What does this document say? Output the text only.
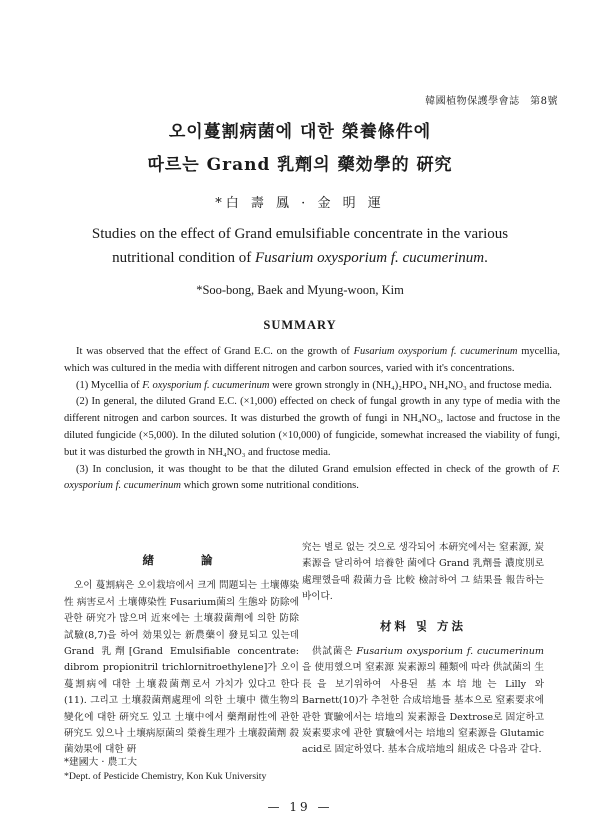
韓國植物保護學會誌　第8號
오이蔓割病菌에 대한 榮養條件에
따르는 Grand 乳劑의 藥効學的 硏究
*白 壽 鳳 · 金 明 運
Studies on the effect of Grand emulsifiable concentrate in the various
nutritional condition of Fusarium oxysporium f. cucumerinum.
*Soo-bong, Baek and Myung-woon, Kim
SUMMARY

It was observed that the effect of Grand E.C. on the growth of Fusarium oxysporium f. cucumerinum mycellia, which was cultured in the media with different nitrogen and carbon sources, varied with it's concentrations.

(1) Mycellia of F. oxysporium f. cucumerinum were grown strongly in (NH₄)₂HPO₄ NH₄NO₃ and fructose media.

(2) In general, the diluted Grand E.C. (×1,000) effected on check of fungal growth in any type of media with the different nitrogen and carbon sources. It was disturbed the growth of fungi in NH₄NO₃, lactose and fructose in the diluted fungicide (×5,000). In the diluted solution (×10,000) of fungicide, somewhat increased the viability of fungi, but it was disturbed the growth in NH₄NO₃ and fructose media.

(3) In conclusion, it was thought to be that the diluted Grand emulsion effected in check of the growth of F. oxysporium f. cucumerinum which grown some nutritional conditions.

緖　　論

오이 蔓割病은 오이栽培에서 크게 問題되는 土壤傳染性 病害로서 土壤傳染性 Fusarium菌의 生態와 防除에 관한 硏究가 많으며 近來에는 土壤殺菌劑에 의한 防除試驗(8,7)을 하여 効果있는 新農藥이 發見되고 있는데 Grand 乳劑[Grand Emulsifiable concentrate: dibrom propionitril trichlornitroethylene]가 오이蔓割病에 대한 土壤殺菌劑로서 가치가 있다고 한다(11). 그리고 土壤殺菌劑處理에 의한 土壤中 微生物의 變化에 대한 硏究도 있고 土壤中에서 藥劑耐性에 관한 硏究도 있으나 土壤病原菌의 榮養生理가 土壤殺菌劑 殺菌効果에 대한 硏

究는 별로 없는 것으로 생각되어 本硏究에서는 窒素源, 炭素源을 달리하여 培養한 菌에다 Grand 乳劑를 濃度別로 處理했을때 殺菌力을 比較 檢討하여 그 結果를 報告하는 바이다.

材料 및 方法

供試菌은 Fusarium oxysporium f. cucumerinum을 使用했으며 窒素源 炭素源의 種類에 따라 供試菌의 生長을 보기위하여 사용된 基本培地는 Lilly 와 Barnett(10)가 추천한 合成培地를 基本으로 窒素要求에 관한 實驗에서는 培地의 炭素源을 Dextrose로 固定하고 炭素要求에 관한 實驗에서는 培地의 窒素源을 Glutamic acid로 固定하였다. 基本合成培地의 組成은 다음과 같다.

*建國大 · 農工大
*Dept. of Pesticide Chemistry, Kon Kuk University
— 19 —
